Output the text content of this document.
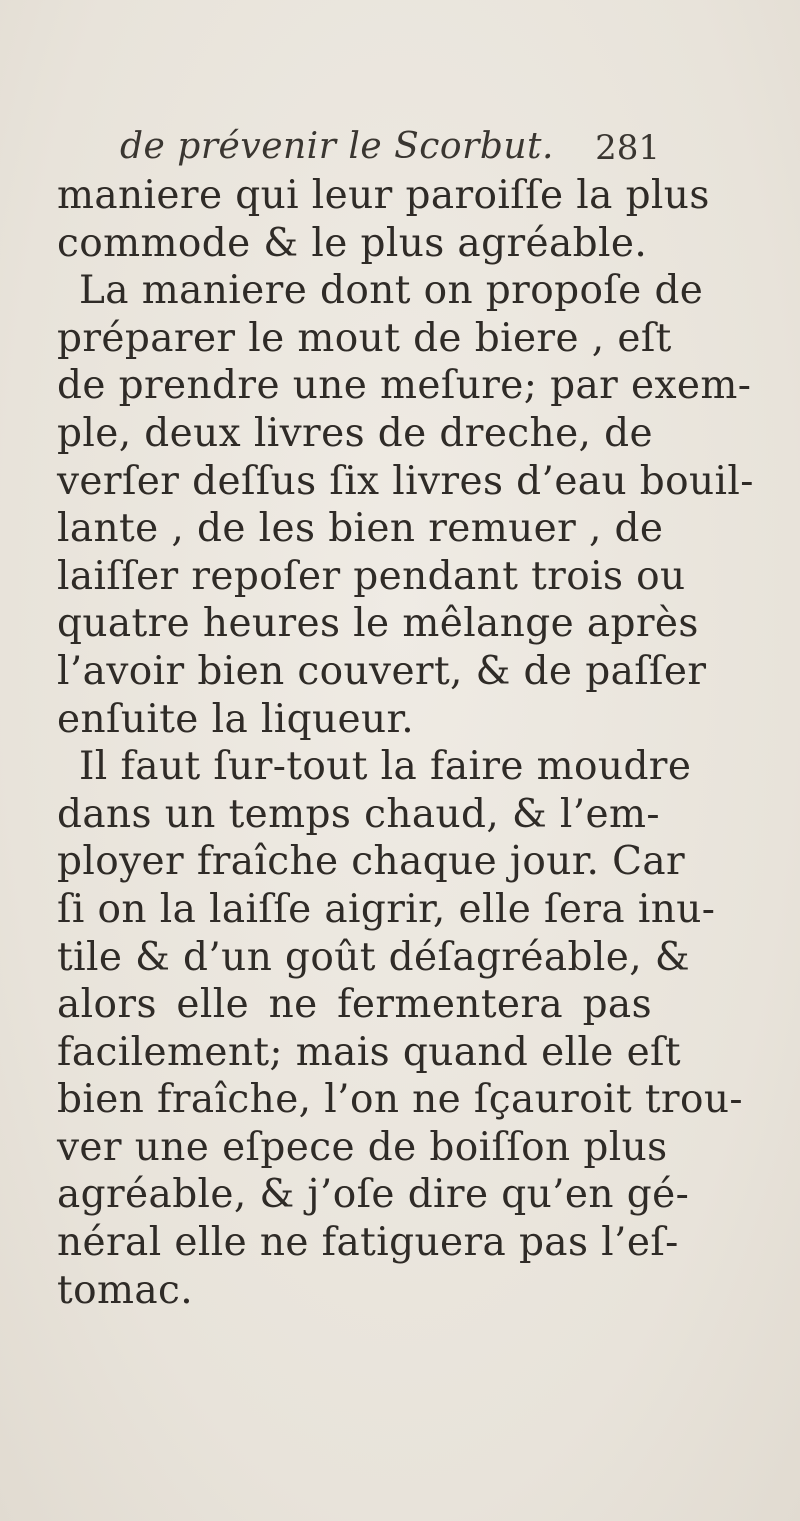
de prévenir le Scorbut. 281
maniere qui leur paroiſſe la plus
commode & le plus agréable.
La maniere dont on propoſe de
préparer le mout de biere , eſt
de prendre une meſure; par exem-
ple, deux livres de dreche, de
verſer deſſus ſix livres d’eau bouil-
lante , de les bien remuer , de
laiſſer repoſer pendant trois ou
quatre heures le mêlange après
l’avoir bien couvert, & de paſſer
enſuite la liqueur.
Il faut ſur-tout la faire moudre
dans un temps chaud, & l’em-
ployer fraîche chaque jour. Car
ſi on la laiſſe aigrir, elle ſera inu-
tile & d’un goût déſagréable, &
alors elle ne fermentera pas
facilement; mais quand elle eſt
bien fraîche, l’on ne ſçauroit trou-
ver une eſpece de boiſſon plus
agréable, & j’oſe dire qu’en gé-
néral elle ne fatiguera pas l’eſ-
tomac.
